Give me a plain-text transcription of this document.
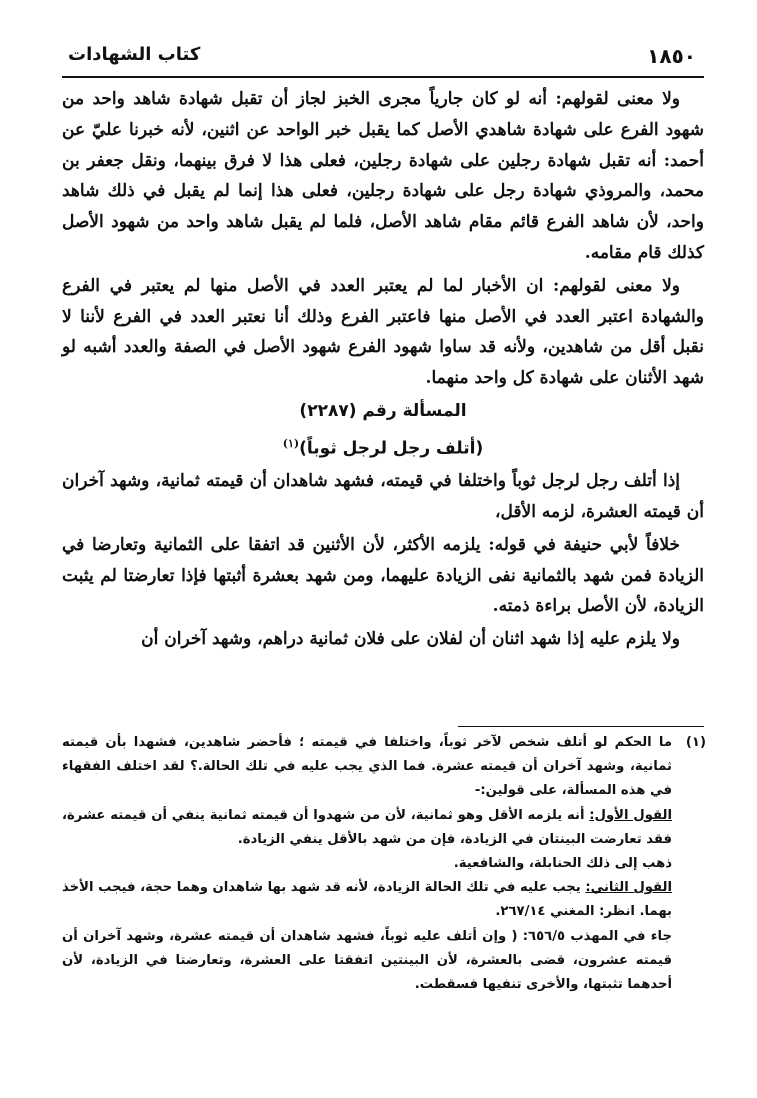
١٨٥٠
كتاب الشهادات

ولا معنى لقولهم: أنه لو كان جارياً مجرى الخبز لجاز أن تقبل شهادة شاهد واحد من شهود الفرع على شهادة شاهدي الأصل كما يقبل خبر الواحد عن اثنين، لأنه خبرنا عليّ عن أحمد: أنه تقبل شهادة رجلين على شهادة رجلين، فعلى هذا لا فرق بينهما، ونقل جعفر بن محمد، والمروذي شهادة رجل على شهادة رجلين، فعلى هذا إنما لم يقبل في ذلك شاهد واحد، لأن شاهد الفرع قائم مقام شاهد الأصل، فلما لم يقبل شاهد واحد من شهود الأصل كذلك قام مقامه.

ولا معنى لقولهم: ان الأخبار لما لم يعتبر العدد في الأصل منها لم يعتبر في الفرع والشهادة اعتبر العدد في الأصل منها فاعتبر الفرع وذلك أنا نعتبر العدد في الفرع لأننا لا نقبل أقل من شاهدين، ولأنه قد ساوا شهود الفرع شهود الأصل في الصفة والعدد أشبه لو شهد الأثنان على شهادة كل واحد منهما.

المسألة رقم (٢٢٨٧)

(أتلف رجل لرجل ثوباً)$^{(١)}$

إذا أتلف رجل لرجل ثوباً واختلفا في قيمته، فشهد شاهدان أن قيمته ثمانية، وشهد آخران أن قيمته العشرة، لزمه الأقل،

خلافاً لأبي حنيفة في قوله: يلزمه الأكثر، لأن الأثنين قد اتفقا على الثمانية وتعارضا في الزيادة فمن شهد بالثمانية نفى الزيادة عليهما، ومن شهد بعشرة أثبتها فإذا تعارضتا لم يثبت الزيادة، لأن الأصل براءة ذمته.

ولا يلزم عليه إذا شهد اثنان أن لفلان على فلان ثمانية دراهم، وشهد آخران أن

(١)

ما الحكم لو أتلف شخص لآخر ثوباً، واختلفا في قيمته ؛ فأحضر شاهدين، فشهدا بأن قيمته ثمانية، وشهد آخران أن قيمته عشرة. فما الذي يجب عليه في تلك الحالة.؟ لقد اختلف الفقهاء في هذه المسألة، على قولين:-

القول الأول: أنه يلزمه الأقل وهو ثمانية، لأن من شهدوا أن قيمته ثمانية ينفي أن قيمته عشرة، فقد تعارضت البينتان في الزيادة، فإن من شهد بالأقل ينفي الزيادة.

ذهب إلى ذلك الحنابلة، والشافعية.

القول الثاني: يجب عليه في تلك الحالة الزيادة، لأنه قد شهد بها شاهدان وهما حجة، فيجب الأخذ بهما. انظر: المغني ٢٦٧/١٤.

جاء في المهذب ٦٥٦/٥: ( وإن أتلف عليه ثوباً، فشهد شاهدان أن قيمته عشرة، وشهد آخران أن قيمته عشرون، قضى بالعشرة، لأن البينتين اتفقتا على العشرة، وتعارضتا في الزيادة، لأن أحدهما تثبتها، والأخرى تنفيها فسقطت.
